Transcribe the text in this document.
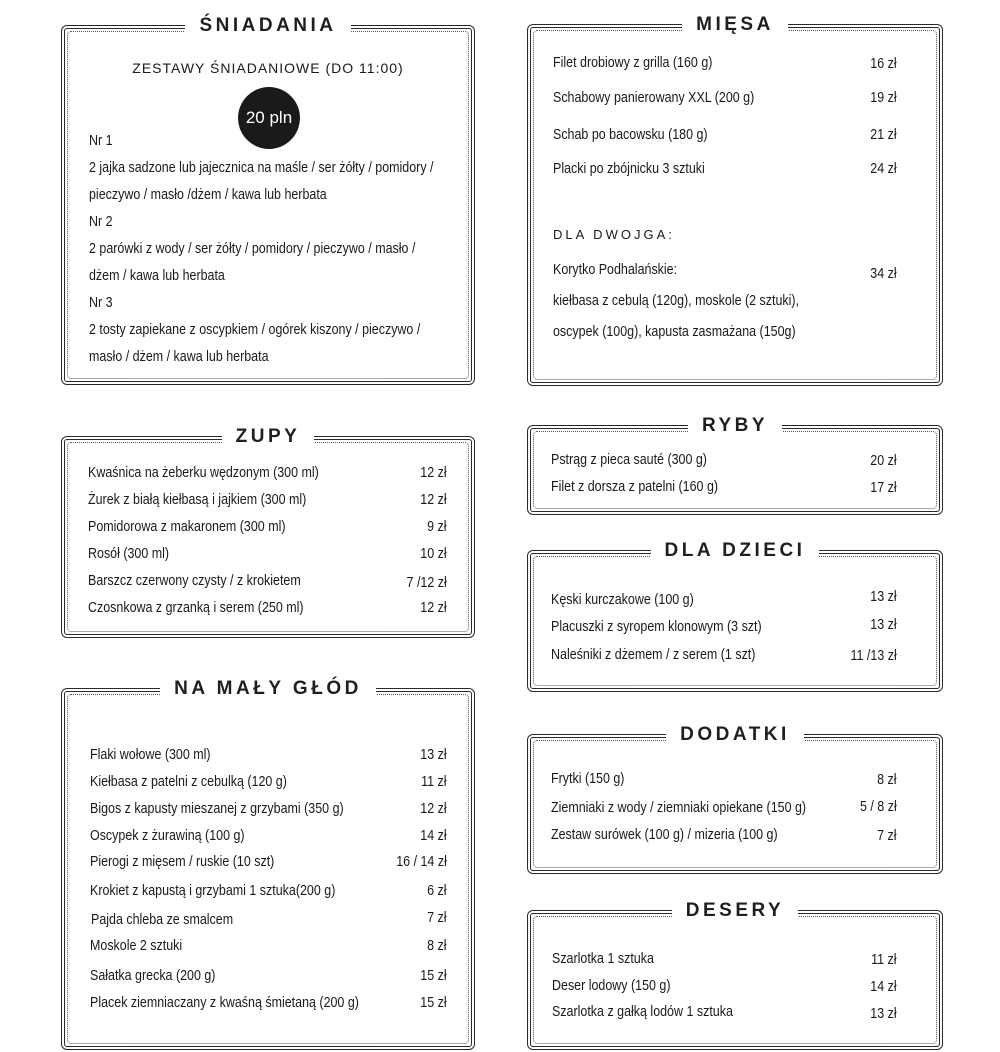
ŚNIADANIA
ZESTAWY ŚNIADANIOWE (DO 11:00)
20 pln
Nr 1
2 jajka sadzone lub jajecznica na maśle / ser żółty / pomidory /
pieczywo / masło /dżem / kawa lub herbata
Nr 2
2 parówki z wody / ser żółty / pomidory / pieczywo / masło /
dżem / kawa lub herbata
Nr 3
2 tosty zapiekane z oscypkiem / ogórek kiszony / pieczywo /
masło / dżem / kawa lub herbata
ZUPY
Kwaśnica na żeberku wędzonym (300 ml)	12 zł
Żurek z białą kiełbasą i jajkiem (300 ml)	12 zł
Pomidorowa z makaronem (300 ml)	9 zł
Rosół (300 ml)	10 zł
Barszcz czerwony czysty / z krokietem	7 /12 zł
Czosnkowa z grzanką i serem (250 ml)	12 zł
NA MAŁY GŁÓD
Flaki wołowe (300 ml)	13 zł
Kiełbasa z patelni z cebulką (120 g)	11 zł
Bigos z kapusty mieszanej z grzybami (350 g)	12 zł
Oscypek z żurawiną (100 g)	14 zł
Pierogi z mięsem / ruskie (10 szt)	16 / 14 zł
Krokiet z kapustą i grzybami 1 sztuka(200 g)	6 zł
Pajda chleba ze smalcem	7 zł
Moskole 2 sztuki	8 zł
Sałatka grecka (200 g)	15 zł
Placek ziemniaczany z kwaśną śmietaną (200 g)	15 zł
MIĘSA
Filet drobiowy z grilla (160 g)	16 zł
Schabowy panierowany XXL (200 g)	19 zł
Schab po bacowsku (180 g)	21 zł
Placki po zbójnicku 3 sztuki	24 zł
DLA DWOJGA:
Korytko Podhalańskie:	34 zł
kiełbasa z cebulą (120g), moskole (2 sztuki),
oscypek (100g), kapusta zasmażana (150g)
RYBY
Pstrąg z pieca sauté (300 g)	20 zł
Filet z dorsza z patelni (160 g)	17 zł
DLA DZIECI
Kęski kurczakowe (100 g)	13 zł
Placuszki z syropem klonowym (3 szt)	13 zł
Naleśniki z dżemem / z serem (1 szt)	11 /13 zł
DODATKI
Frytki (150 g)	8 zł
Ziemniaki z wody / ziemniaki opiekane (150 g)	5 / 8 zł
Zestaw surówek (100 g) / mizeria (100 g)	7 zł
DESERY
Szarlotka 1 sztuka	11 zł
Deser lodowy (150 g)	14 zł
Szarlotka z gałką lodów 1 sztuka	13 zł
